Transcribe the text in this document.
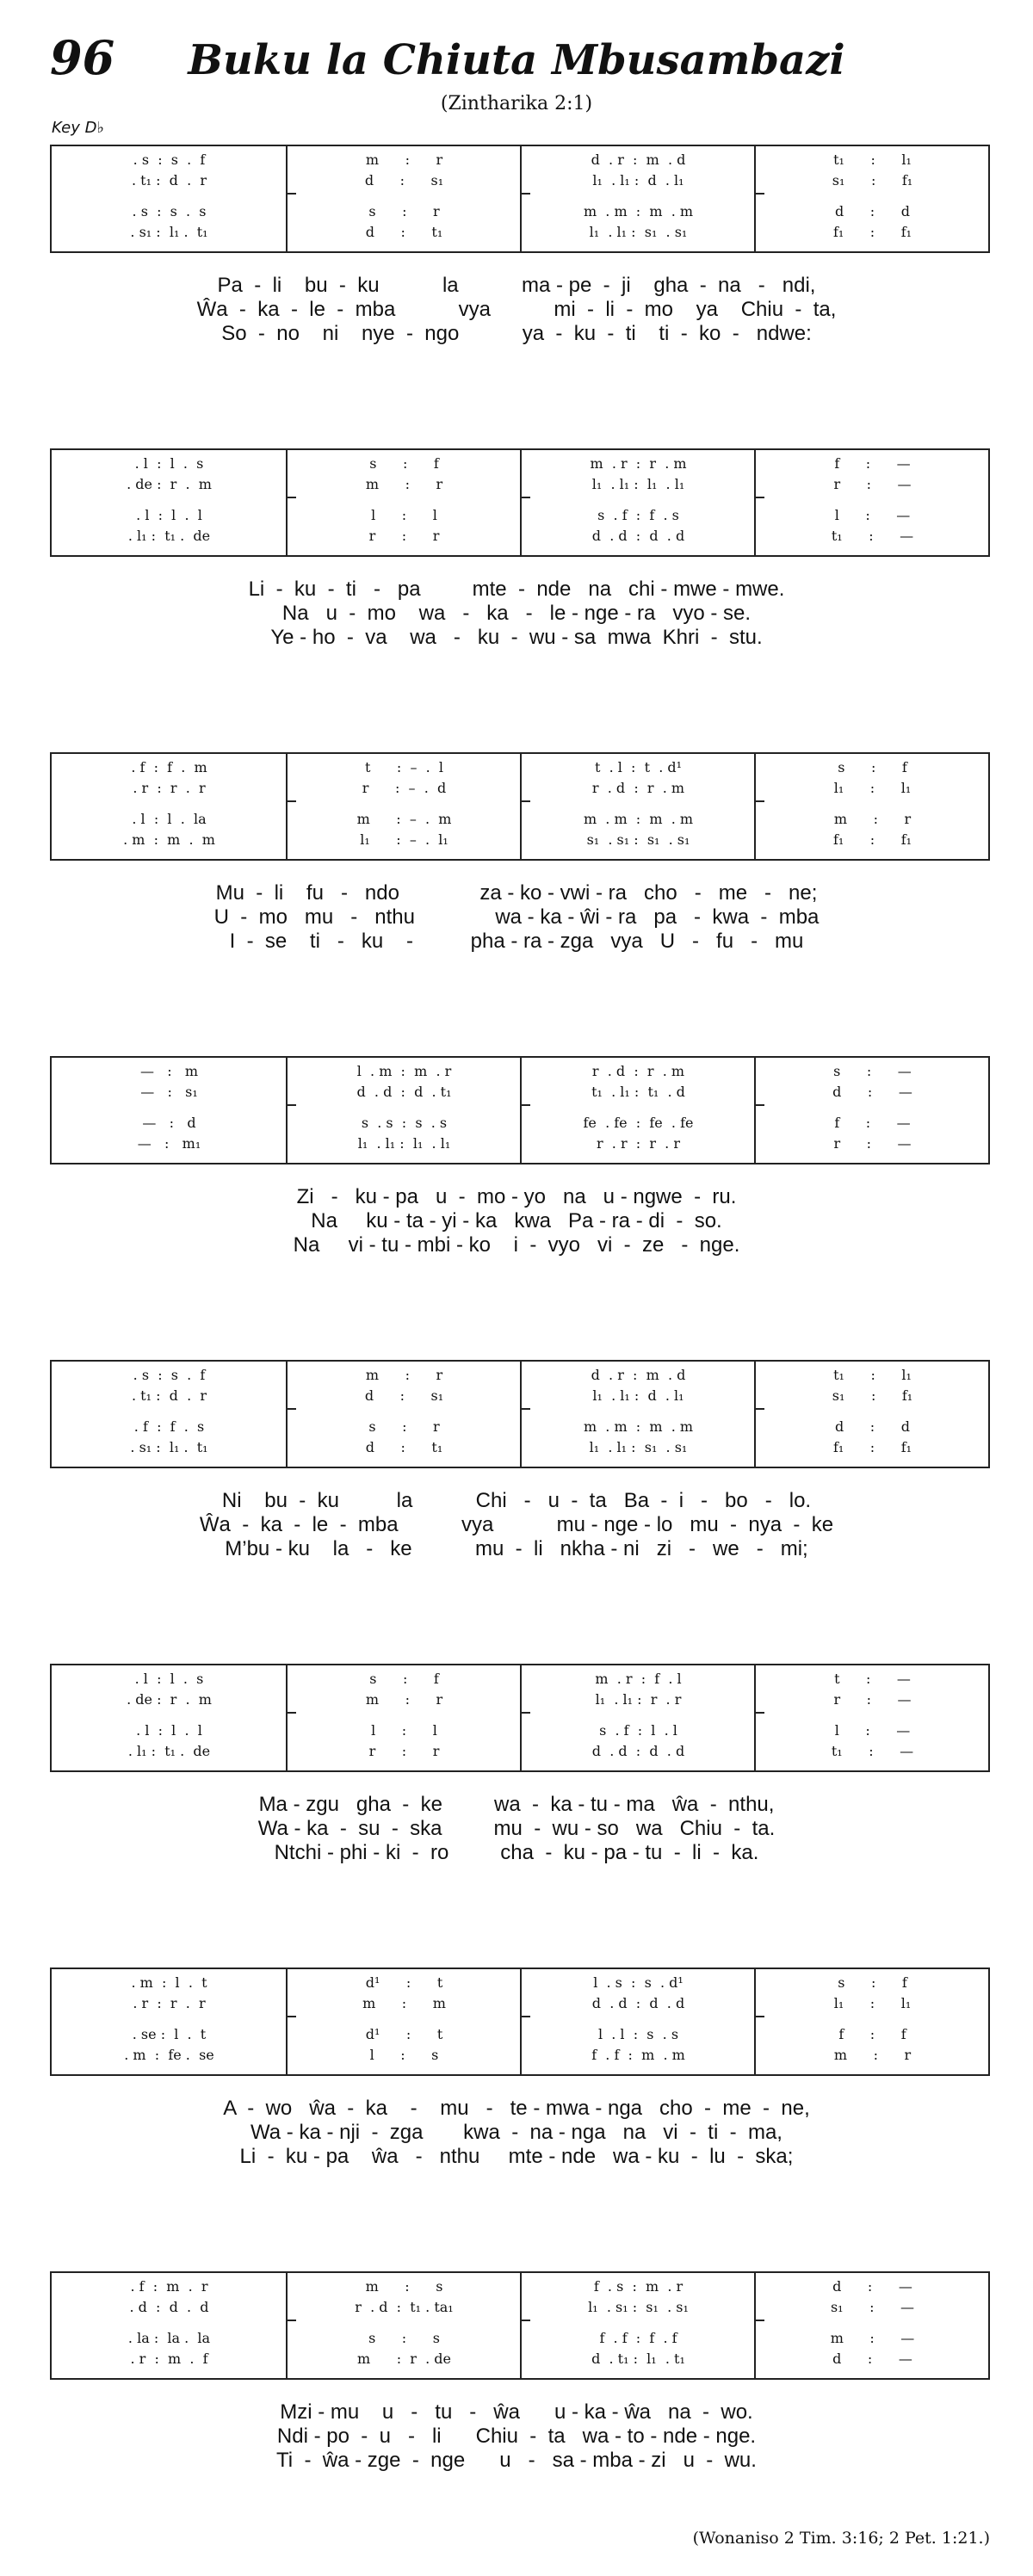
96	Buku la Chiuta Mbusambazi
(Zintharika 2:1)
Key D♭
. s  :  s  .  f
. t₁ :  d  .  r
. s  :  s  .  s
. s₁ :  l₁ .  t₁
m      :      r
d      :      s₁
s      :      r
d      :      t₁
d  . r  :  m  . d
l₁  . l₁ :  d  . l₁
m  . m  :  m  . m
l₁  . l₁ :  s₁  . s₁
t₁      :      l₁
s₁      :      f₁
d      :      d
f₁      :      f₁
Pa  -  li    bu  -  ku           la           ma - pe  -  ji    gha  -  na   -   ndi,
Ŵa  -  ka  -  le  -  mba           vya           mi  -  li  -  mo    ya    Chiu  -  ta,
So  -  no    ni    nye  -  ngo           ya  -  ku  -  ti    ti  -  ko  -   ndwe:
. l  :  l  .  s
. de :  r  .  m
. l  :  l  .  l
. l₁ :  t₁ .  de
s      :      f
m      :      r
l      :      l
r      :      r
m  . r  :  r  . m
l₁  . l₁ :  l₁  . l₁
s  . f  :  f  . s
d  . d  :  d  . d
f      :      —
r      :      —
l      :      —
t₁      :      —
Li  -  ku  -  ti   -   pa         mte  -  nde   na   chi - mwe - mwe.
Na   u  -  mo    wa   -   ka   -   le - nge - ra   vyo - se.
Ye - ho  -  va    wa   -   ku  -  wu - sa  mwa  Khri  -  stu.
. f  :  f  .  m
. r  :  r  .  r
. l  :  l  .  la
. m  :  m  .  m
t      :  –  .  l
r      :  –  .  d
m      :  –  .  m
l₁      :  –  .  l₁
t  . l  :  t  . d¹
r  . d  :  r  . m
m  . m  :  m  . m
s₁  . s₁ :  s₁  . s₁
s      :      f
l₁      :      l₁
m      :      r
f₁      :      f₁
Mu  -  li    fu   -   ndo              za - ko - vwi - ra   cho   -   me   -   ne;
U  -  mo   mu   -   nthu              wa - ka - ŵi - ra   pa   -  kwa  -  mba
I  -  se    ti   -   ku    -          pha - ra - zga   vya   U   -   fu   -   mu
—   :   m
—   :   s₁
—   :   d
—   :   m₁
l  . m  :  m  . r
d  . d  :  d  . t₁
s  . s  :  s  . s
l₁  . l₁ :  l₁  . l₁
r  . d  :  r  . m
t₁  . l₁ :  t₁  . d
fe  . fe  :  fe  . fe
r  . r  :  r  . r
s      :      —
d      :      —
f      :      —
r      :      —
Zi   -   ku - pa   u  -  mo - yo   na   u - ngwe  -  ru.
Na     ku - ta - yi - ka   kwa   Pa - ra - di  -  so.
Na     vi - tu - mbi - ko    i  -  vyo   vi  -  ze   -  nge.
. s  :  s  .  f
. t₁ :  d  .  r
. f  :  f  .  s
. s₁ :  l₁ .  t₁
m      :      r
d      :      s₁
s      :      r
d      :      t₁
d  . r  :  m  . d
l₁  . l₁ :  d  . l₁
m  . m  :  m  . m
l₁  . l₁ :  s₁  . s₁
t₁      :      l₁
s₁      :      f₁
d      :      d
f₁      :      f₁
Ni    bu  -  ku          la           Chi   -   u  -  ta   Ba  -  i   -   bo   -   lo.
Ŵa  -  ka  -  le  -  mba           vya           mu - nge - lo   mu  -  nya  -  ke
M’bu - ku    la   -   ke           mu  -  li   nkha - ni   zi   -   we   -   mi;
. l  :  l  .  s
. de :  r  .  m
. l  :  l  .  l
. l₁ :  t₁ .  de
s      :      f
m      :      r
l      :      l
r      :      r
m  . r  :  f  . l
l₁  . l₁ :  r  . r
s  . f  :  l  . l
d  . d  :  d  . d
t      :      —
r      :      —
l      :      —
t₁      :      —
Ma - zgu   gha  -  ke         wa  -  ka - tu - ma   ŵa  -  nthu,
Wa - ka  -  su  -  ska         mu  -  wu - so   wa   Chiu  -  ta.
Ntchi - phi - ki  -  ro         cha  -  ku - pa - tu  -  li  -  ka.
. m  :  l  .  t
. r  :  r  .  r
. se :  l  .  t
. m  :  fe .  se
d¹      :      t
m      :      m
d¹      :      t
l      :      s
l  . s  :  s  . d¹
d  . d  :  d  . d
l  . l  :  s  . s
f  . f  :  m  . m
s      :      f
l₁      :      l₁
f      :      f
m      :      r
A  -  wo   ŵa  -  ka    -    mu   -   te - mwa - nga   cho  -  me  -  ne,
Wa - ka - nji  -  zga       kwa  -  na - nga   na   vi  -  ti  -  ma,
Li  -  ku - pa    ŵa   -   nthu     mte - nde   wa - ku  -  lu  -  ska;
. f  :  m  .  r
. d  :  d  .  d
. la :  la .  la
. r  :  m  .  f
m      :      s
r  . d  :  t₁ . ta₁
s      :      s
m      :  r  . de
f  . s  :  m  . r
l₁  . s₁ :  s₁  . s₁
f  . f  :  f  . f
d  . t₁ :  l₁  . t₁
d      :      —
s₁      :      —
m      :      —
d      :      —
Mzi - mu    u   -   tu   -   ŵa      u - ka - ŵa   na  -  wo.
Ndi - po  -  u   -   li      Chiu  -  ta   wa - to - nde - nge.
Ti  -  ŵa - zge  -  nge      u   -   sa - mba - zi   u  -  wu.
(Wonaniso 2 Tim. 3:16; 2 Pet. 1:21.)
